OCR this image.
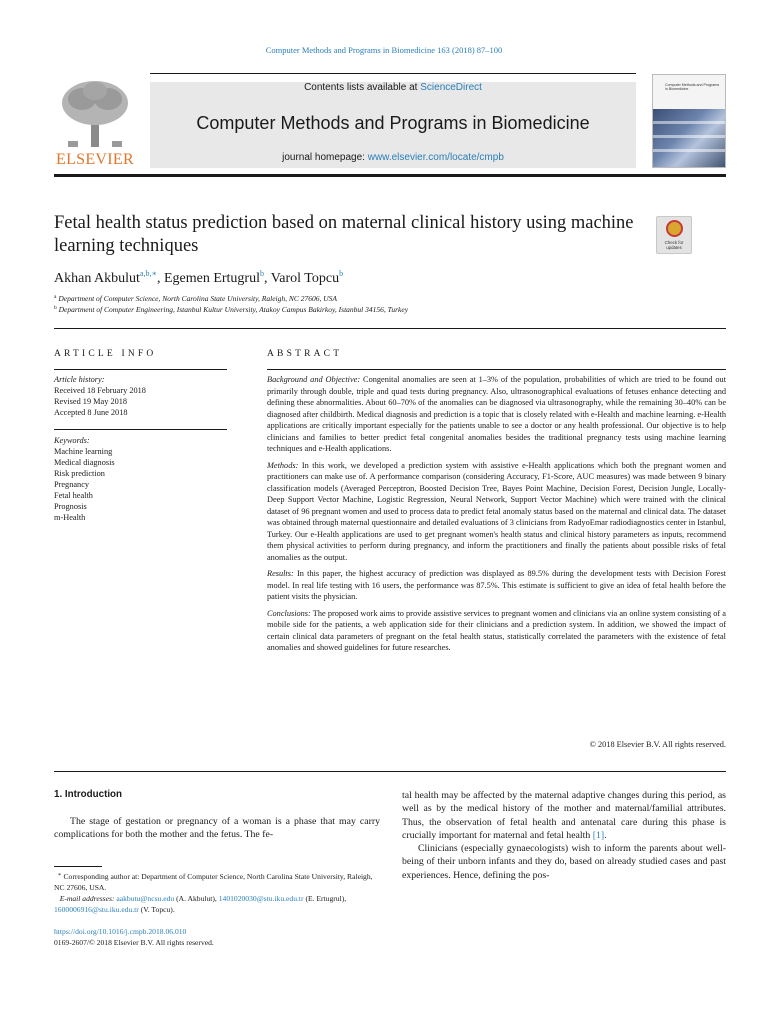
Computer Methods and Programs in Biomedicine 163 (2018) 87–100
ELSEVIER
Contents lists available at ScienceDirect
Computer Methods and Programs in Biomedicine
journal homepage: www.elsevier.com/locate/cmpb
Computer Methods and Programs in Biomedicine
Fetal health status prediction based on maternal clinical history using machine learning techniques	Check for updates
Akhan Akbulut$^{a,b,∗}$, Egemen Ertugrul$^b$, Varol Topcu$^b$
$^a$ Department of Computer Science, North Carolina State University, Raleigh, NC 27606, USA
$^b$ Department of Computer Engineering, Istanbul Kultur University, Atakoy Campus Bakirkoy, Istanbul 34156, Turkey
ARTICLE INFO	ABSTRACT
Article history:
Received 18 February 2018
Revised 19 May 2018
Accepted 8 June 2018
Keywords:
Machine learning
Medical diagnosis
Risk prediction
Pregnancy
Fetal health
Prognosis
m-Health

Background and Objective: Congenital anomalies are seen at 1–3% of the population, probabilities of which are tried to be found out primarily through double, triple and quad tests during pregnancy. Also, ultrasonographical evaluations of fetuses enhance detecting and defining these abnormalities. About 60–70% of the anomalies can be diagnosed via ultrasonography, while the remaining 30–40% can be diagnosed after childbirth. Medical diagnosis and prediction is a topic that is closely related with e-Health and machine learning. e-Health applications are critically important especially for the patients unable to see a doctor or any health professional. Our objective is to help clinicians and families to better predict fetal congenital anomalies besides the traditional pregnancy tests using machine learning techniques and e-Health applications.

Methods: In this work, we developed a prediction system with assistive e-Health applications which both the pregnant women and practitioners can make use of. A performance comparison (considering Accuracy, F1-Score, AUC measures) was made between 9 binary classification models (Averaged Perceptron, Boosted Decision Tree, Bayes Point Machine, Decision Forest, Decision Jungle, Locally-Deep Support Vector Machine, Logistic Regression, Neural Network, Support Vector Machine) which were trained with the clinical dataset of 96 pregnant women and used to process data to predict fetal anomaly status based on the maternal and clinical data. The dataset was obtained through maternal questionnaire and detailed evaluations of 3 clinicians from RadyoEmar radiodiagnostics center in Istanbul, Turkey. Our e-Health applications are used to get pregnant women's health status and clinical history parameters as inputs, recommend them physical activities to perform during pregnancy, and inform the practitioners and finally the patients about possible risks of fetal anomalies as the output.

Results: In this paper, the highest accuracy of prediction was displayed as 89.5% during the development tests with Decision Forest model. In real life testing with 16 users, the performance was 87.5%. This estimate is sufficient to give an idea of fetal health before the patient visits the physician.

Conclusions: The proposed work aims to provide assistive services to pregnant women and clinicians via an online system consisting of a mobile side for the patients, a web application side for their clinicians and a prediction system. In addition, we showed the impact of certain clinical data parameters of pregnant on the fetal health status, statistically correlated the parameters with the existence of fetal anomalies and showed guidelines for future researches.

© 2018 Elsevier B.V. All rights reserved.
1. Introduction
The stage of gestation or pregnancy of a woman is a phase that may carry complications for both the mother and the fetus. The fe-
tal health may be affected by the maternal adaptive changes during this period, as well as by the medical history of the mother and maternal/familial attributes. Thus, the observation of fetal health and antenatal care during this phase is crucially important for maternal and fetal health [1].
Clinicians (especially gynaecologists) wish to inform the parents about well-being of their unborn infants and they do, based on already studied cases and past experiences. Hence, defining the pos-
∗ Corresponding author at: Department of Computer Science, North Carolina State University, Raleigh, NC 27606, USA.
E-mail addresses: aakbutu@ncsu.edu (A. Akbulut), 1401020030@stu.iku.edu.tr (E. Ertugrul), 1600006916@stu.iku.edu.tr (V. Topcu).
https://doi.org/10.1016/j.cmpb.2018.06.010
0169-2607/© 2018 Elsevier B.V. All rights reserved.
